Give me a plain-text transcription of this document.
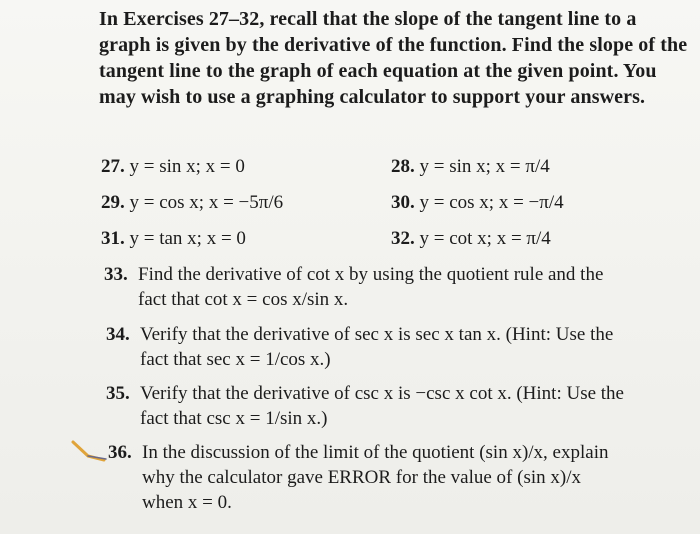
In Exercises 27–32, recall that the slope of the tangent line to a graph is given by the derivative of the function. Find the slope of the tangent line to the graph of each equation at the given point. You may wish to use a graphing calculator to support your answers.
27. y = sin x; x = 0	28. y = sin x; x = π/4
29. y = cos x; x = −5π/6	30. y = cos x; x = −π/4
31. y = tan x; x = 0	32. y = cot x; x = π/4
33. Find the derivative of cot x by using the quotient rule and the
fact that cot x = cos x/sin x.
34. Verify that the derivative of sec x is sec x tan x. (Hint: Use the
fact that sec x = 1/cos x.)
35. Verify that the derivative of csc x is −csc x cot x. (Hint: Use the
fact that csc x = 1/sin x.)
36. In the discussion of the limit of the quotient (sin x)/x, explain
why the calculator gave ERROR for the value of (sin x)/x
when x = 0.
